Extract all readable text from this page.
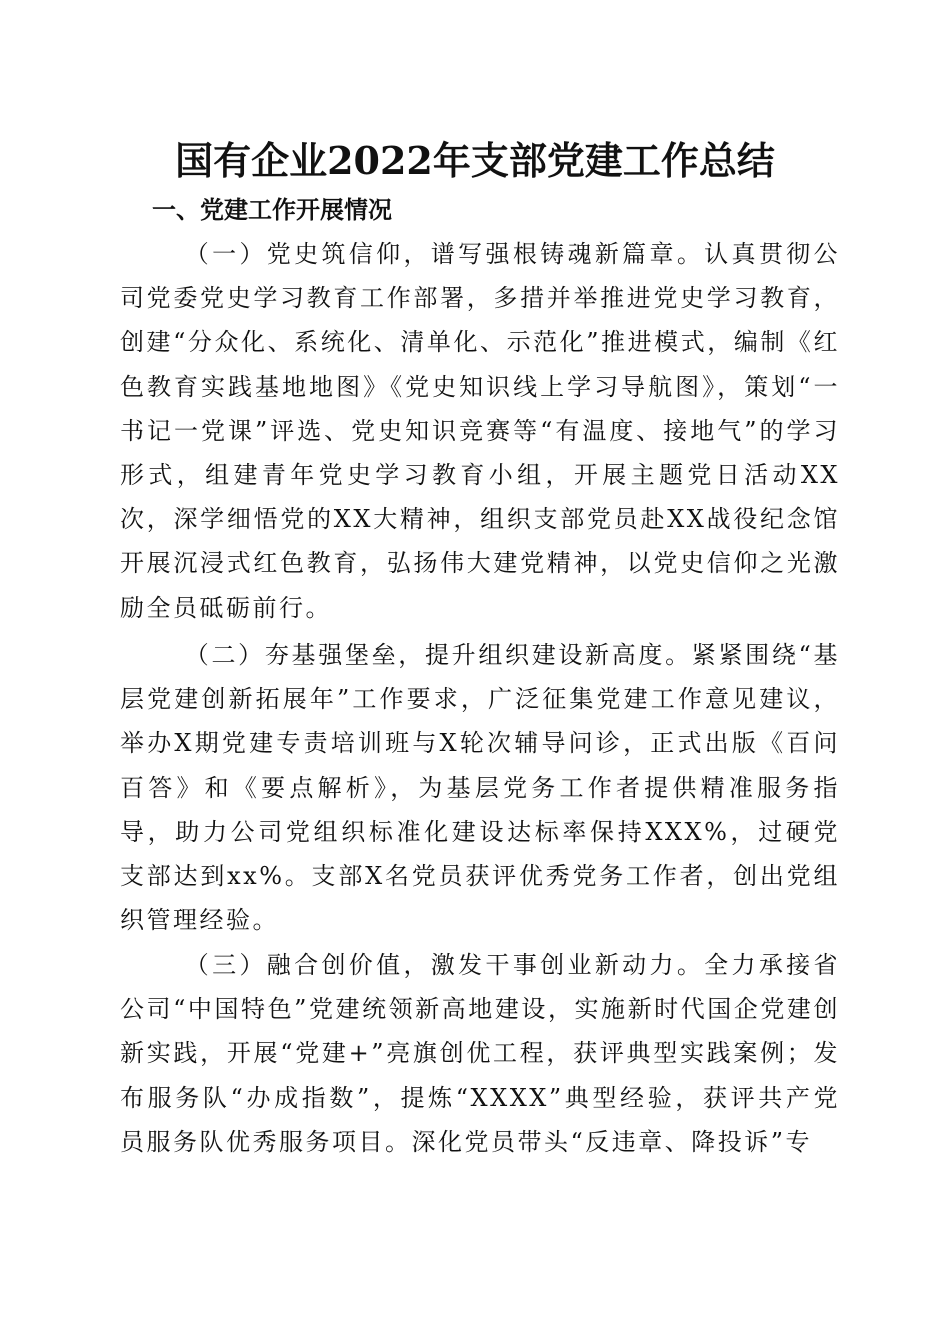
国有企业2022年支部党建工作总结
一、党建工作开展情况

（一）党史筑信仰，谱写强根铸魂新篇章。认真贯彻公司党委党史学习教育工作部署，多措并举推进党史学习教育，创建“分众化、系统化、清单化、示范化”推进模式，编制《红色教育实践基地地图》《党史知识线上学习导航图》，策划“一书记一党课”评选、党史知识竞赛等“有温度、接地气”的学习形式，组建青年党史学习教育小组，开展主题党日活动XX次，深学细悟党的XX大精神，组织支部党员赴XX战役纪念馆开展沉浸式红色教育，弘扬伟大建党精神，以党史信仰之光激励全员砥砺前行。

（二）夯基强堡垒，提升组织建设新高度。紧紧围绕“基层党建创新拓展年”工作要求，广泛征集党建工作意见建议，举办X期党建专责培训班与X轮次辅导问诊，正式出版《百问百答》和《要点解析》，为基层党务工作者提供精准服务指导，助力公司党组织标准化建设达标率保持XXX%，过硬党支部达到xx%。支部X名党员获评优秀党务工作者，创出党组织管理经验。

（三）融合创价值，激发干事创业新动力。全力承接省公司“中国特色”党建统领新高地建设，实施新时代国企党建创新实践，开展“党建+”亮旗创优工程，获评典型实践案例；发布服务队“办成指数”，提炼“XXXX”典型经验，获评共产党员服务队优秀服务项目。深化党员带头“反违章、降投诉”专
